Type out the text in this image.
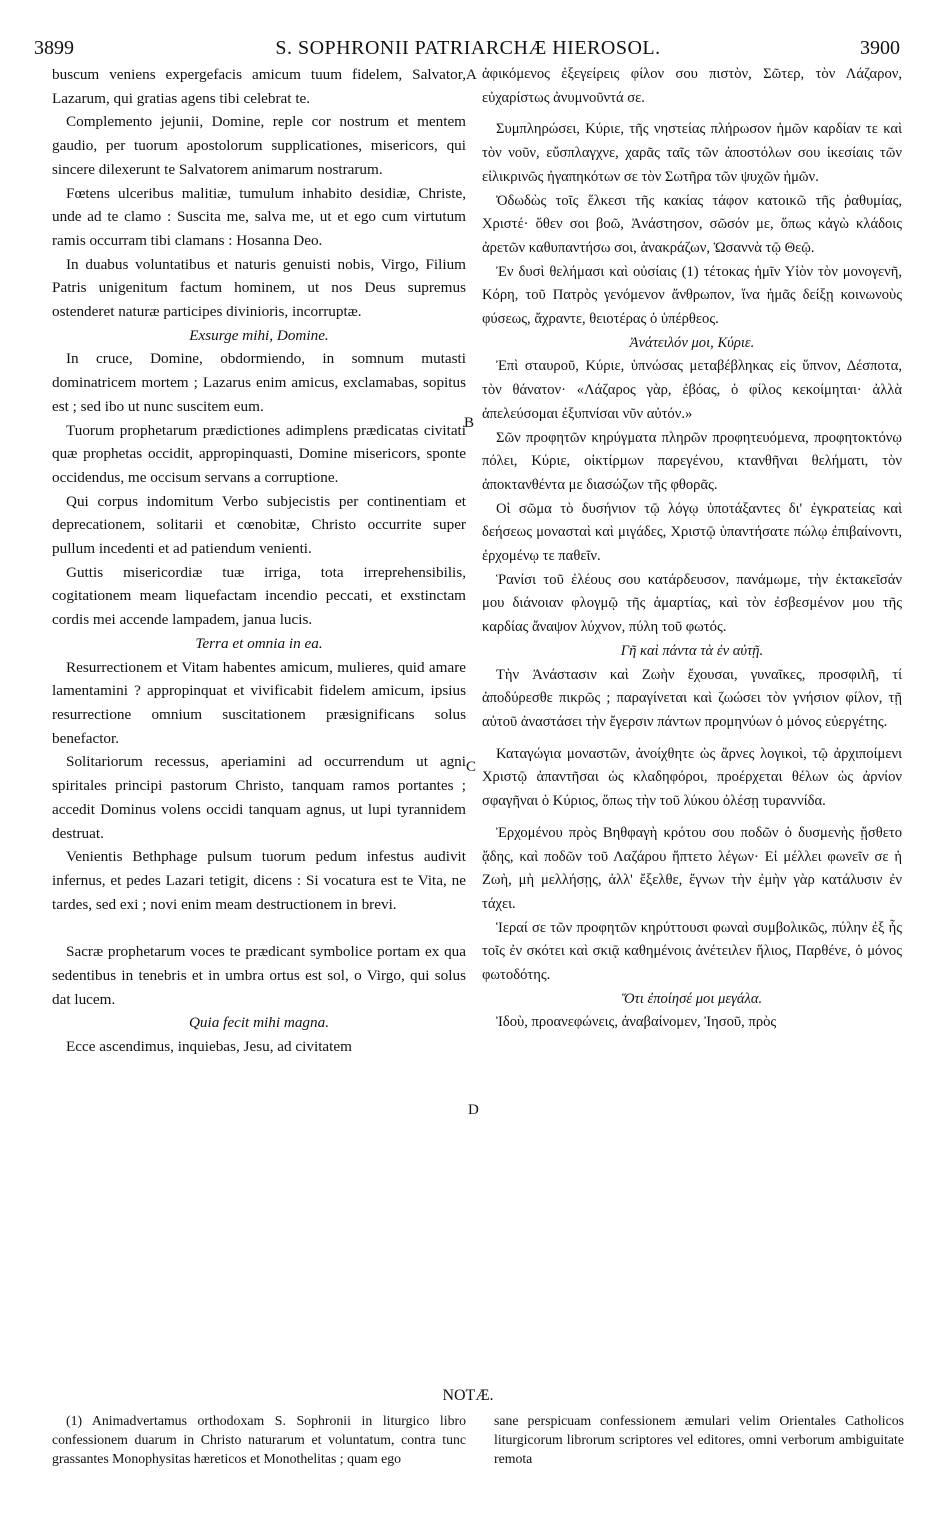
3899	S. SOPHRONII PATRIARCHÆ HIEROSOL.	3900
A
B
C
D

buscum veniens expergefacis amicum tuum fidelem, Salvator, Lazarum, qui gratias agens tibi celebrat te.

Complemento jejunii, Domine, reple cor nostrum et mentem gaudio, per tuorum apostolorum supplicationes, misericors, qui sincere dilexerunt te Salvatorem animarum nostrarum.

Fœtens ulceribus malitiæ, tumulum inhabito desidiæ, Christe, unde ad te clamo : Suscita me, salva me, ut et ego cum virtutum ramis occurram tibi clamans : Hosanna Deo.

In duabus voluntatibus et naturis genuisti nobis, Virgo, Filium Patris unigenitum factum hominem, ut nos Deus supremus ostenderet naturæ participes divinioris, incorruptæ.

Exsurge mihi, Domine.

In cruce, Domine, obdormiendo, in somnum mutasti dominatricem mortem ; Lazarus enim amicus, exclamabas, sopitus est ; sed ibo ut nunc suscitem eum.

Tuorum prophetarum prædictiones adimplens prædicatas civitati quæ prophetas occidit, appropinquasti, Domine misericors, sponte occidendus, me occisum servans a corruptione.

Qui corpus indomitum Verbo subjecistis per continentiam et deprecationem, solitarii et cœnobitæ, Christo occurrite super pullum incedenti et ad patiendum venienti.

Guttis misericordiæ tuæ irriga, tota irreprehensibilis, cogitationem meam liquefactam incendio peccati, et exstinctam cordis mei accende lampadem, janua lucis.

Terra et omnia in ea.

Resurrectionem et Vitam habentes amicum, mulieres, quid amare lamentamini ? appropinquat et vivificabit fidelem amicum, ipsius resurrectione omnium suscitationem præsignificans solus benefactor.

Solitariorum recessus, aperiamini ad occurrendum ut agni spiritales principi pastorum Christo, tanquam ramos portantes ; accedit Dominus volens occidi tanquam agnus, ut lupi tyrannidem destruat.

Venientis Bethphage pulsum tuorum pedum infestus audivit infernus, et pedes Lazari tetigit, dicens : Si vocatura est te Vita, ne tardes, sed exi ; novi enim meam destructionem in brevi.

Sacræ prophetarum voces te prædicant symbolice portam ex qua sedentibus in tenebris et in umbra ortus est sol, o Virgo, qui solus dat lucem.

Quia fecit mihi magna.

Ecce ascendimus, inquiebas, Jesu, ad civitatem

ἀφικόμενος ἐξεγείρεις φίλον σου πιστὸν, Σῶτερ, τὸν Λάζαρον, εὐχαρίστως ἀνυμνοῦντά σε.

Συμπληρώσει, Κύριε, τῆς νηστείας πλήρωσον ἡμῶν καρδίαν τε καὶ τὸν νοῦν, εὔσπλαγχνε, χαρᾶς ταῖς τῶν ἀποστόλων σου ἱκεσίαις τῶν εἰλικρινῶς ἠγαπηκότων σε τὸν Σωτῆρα τῶν ψυχῶν ἡμῶν.

Ὀδωδὼς τοῖς ἕλκεσι τῆς κακίας τάφον κατοικῶ τῆς ῥαθυμίας, Χριστέ· ὅθεν σοι βοῶ, Ἀνάστησον, σῶσόν με, ὅπως κἀγὼ κλάδοις ἀρετῶν καθυπαντήσω σοι, ἀνακράζων, Ὡσαννὰ τῷ Θεῷ.

Ἐν δυσὶ θελήμασι καὶ οὐσίαις (1) τέτοκας ἡμῖν Υἱὸν τὸν μονογενῆ, Κόρη, τοῦ Πατρὸς γενόμενον ἄνθρωπον, ἵνα ἡμᾶς δείξῃ κοινωνοὺς φύσεως, ἄχραντε, θειοτέρας ὁ ὑπέρθεος.

Ἀνάτειλόν μοι, Κύριε.

Ἐπὶ σταυροῦ, Κύριε, ὑπνώσας μεταβέβληκας εἰς ὕπνον, Δέσποτα, τὸν θάνατον· «Λάζαρος γὰρ, ἐβόας, ὁ φίλος κεκοίμηται· ἀλλὰ ἀπελεύσομαι ἐξυπνίσαι νῦν αὐτόν.»

Σῶν προφητῶν κηρύγματα πληρῶν προφητευόμενα, προφητοκτόνῳ πόλει, Κύριε, οἰκτίρμων παρεγένου, κτανθῆναι θελήματι, τὸν ἀποκτανθέντα με διασώζων τῆς φθορᾶς.

Οἱ σῶμα τὸ δυσήνιον τῷ λόγῳ ὑποτάξαντες δι' ἐγκρατείας καὶ δεήσεως μονασταὶ καὶ μιγάδες, Χριστῷ ὑπαντήσατε πώλῳ ἐπιβαίνοντι, ἐρχομένῳ τε παθεῖν.

Ῥανίσι τοῦ ἐλέους σου κατάρδευσον, πανάμωμε, τὴν ἐκτακεῖσάν μου διάνοιαν φλογμῷ τῆς ἁμαρτίας, καὶ τὸν ἐσβεσμένον μου τῆς καρδίας ἄναψον λύχνον, πύλη τοῦ φωτός.

Γῆ καὶ πάντα τὰ ἐν αὐτῇ.

Τὴν Ἀνάστασιν καὶ Ζωὴν ἔχουσαι, γυναῖκες, προσφιλῆ, τί ἀποδύρεσθε πικρῶς ; παραγίνεται καὶ ζωώσει τὸν γνήσιον φίλον, τῇ αὐτοῦ ἀναστάσει τὴν ἔγερσιν πάντων προμηνύων ὁ μόνος εὐεργέτης.

Καταγώγια μοναστῶν, ἀνοίχθητε ὡς ἄρνες λογικοὶ, τῷ ἀρχιποίμενι Χριστῷ ἀπαντῆσαι ὡς κλαδηφόροι, προέρχεται θέλων ὡς ἀρνίον σφαγῆναι ὁ Κύριος, ὅπως τὴν τοῦ λύκου ὀλέσῃ τυραννίδα.

Ἐρχομένου πρὸς Βηθφαγὴ κρότου σου ποδῶν ὁ δυσμενὴς ᾔσθετο ᾅδης, καὶ ποδῶν τοῦ Λαζάρου ἥπτετο λέγων· Εἰ μέλλει φωνεῖν σε ἡ Ζωὴ, μὴ μελλήσῃς, ἀλλ' ἔξελθε, ἔγνων τὴν ἐμὴν γὰρ κατάλυσιν ἐν τάχει.

Ἱεραί σε τῶν προφητῶν κηρύττουσι φωναὶ συμβολικῶς, πύλην ἐξ ἧς τοῖς ἐν σκότει καὶ σκιᾷ καθημένοις ἀνέτειλεν ἥλιος, Παρθένε, ὁ μόνος φωτοδότης.

Ὅτι ἐποίησέ μοι μεγάλα.

Ἰδοὺ, προανεφώνεις, ἀναβαίνομεν, Ἰησοῦ, πρὸς

NOTÆ.

(1) Animadvertamus orthodoxam S. Sophronii in liturgico libro confessionem duarum in Christo naturarum et voluntatum, contra tunc grassantes Monophysitas hæreticos et Monothelitas ; quam ego

sane perspicuam confessionem æmulari velim Orientales Catholicos liturgicorum librorum scriptores vel editores, omni verborum ambiguitate remota
